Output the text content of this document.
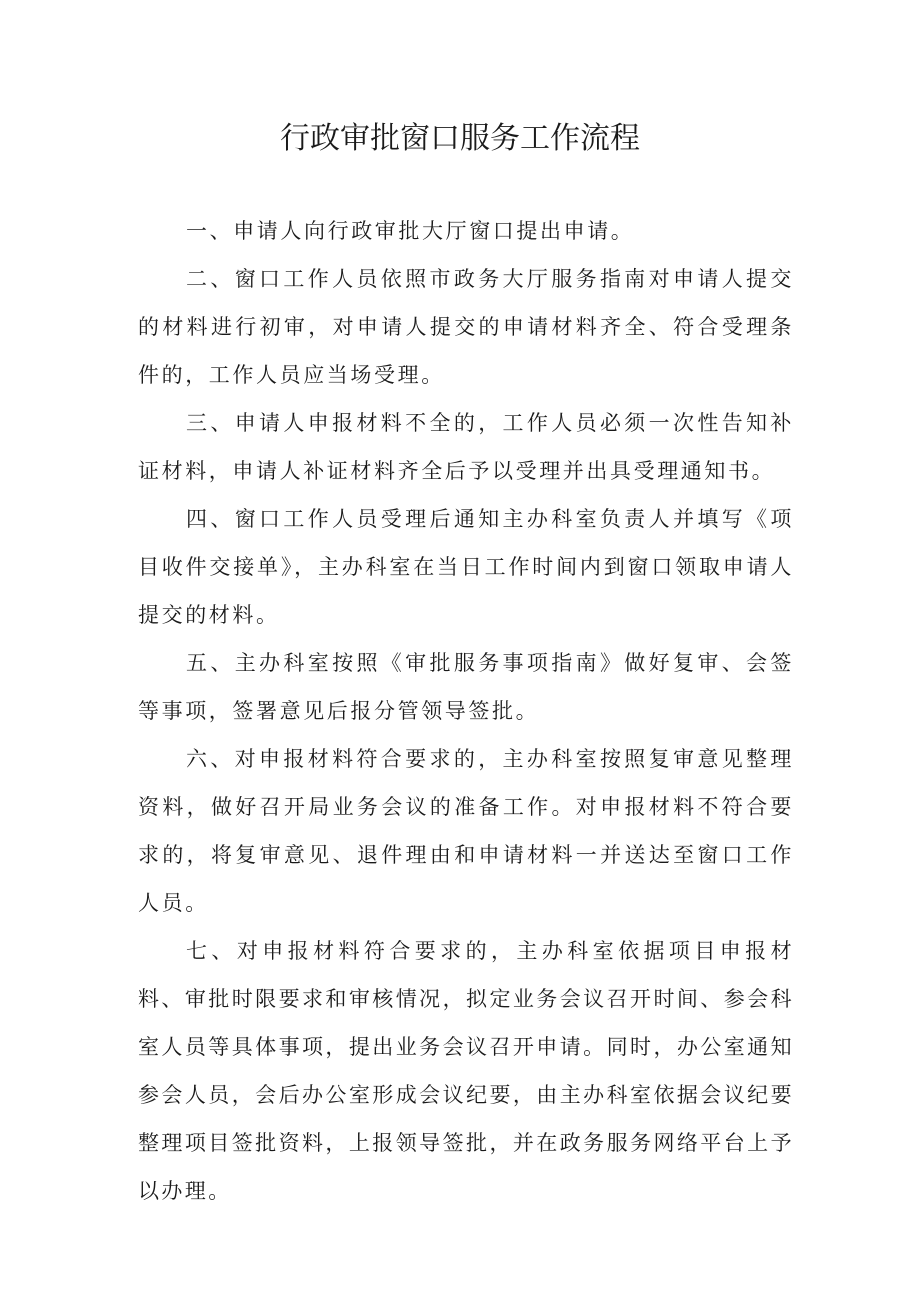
行政审批窗口服务工作流程

一、申请人向行政审批大厅窗口提出申请。

二、窗口工作人员依照市政务大厅服务指南对申请人提交的材料进行初审，对申请人提交的申请材料齐全、符合受理条件的，工作人员应当场受理。

三、申请人申报材料不全的，工作人员必须一次性告知补证材料，申请人补证材料齐全后予以受理并出具受理通知书。

四、窗口工作人员受理后通知主办科室负责人并填写《项目收件交接单》，主办科室在当日工作时间内到窗口领取申请人提交的材料。

五、主办科室按照《审批服务事项指南》做好复审、会签等事项，签署意见后报分管领导签批。

六、对申报材料符合要求的，主办科室按照复审意见整理资料，做好召开局业务会议的准备工作。对申报材料不符合要求的，将复审意见、退件理由和申请材料一并送达至窗口工作人员。

七、对申报材料符合要求的，主办科室依据项目申报材料、审批时限要求和审核情况，拟定业务会议召开时间、参会科室人员等具体事项，提出业务会议召开申请。同时，办公室通知参会人员，会后办公室形成会议纪要，由主办科室依据会议纪要整理项目签批资料，上报领导签批，并在政务服务网络平台上予以办理。
